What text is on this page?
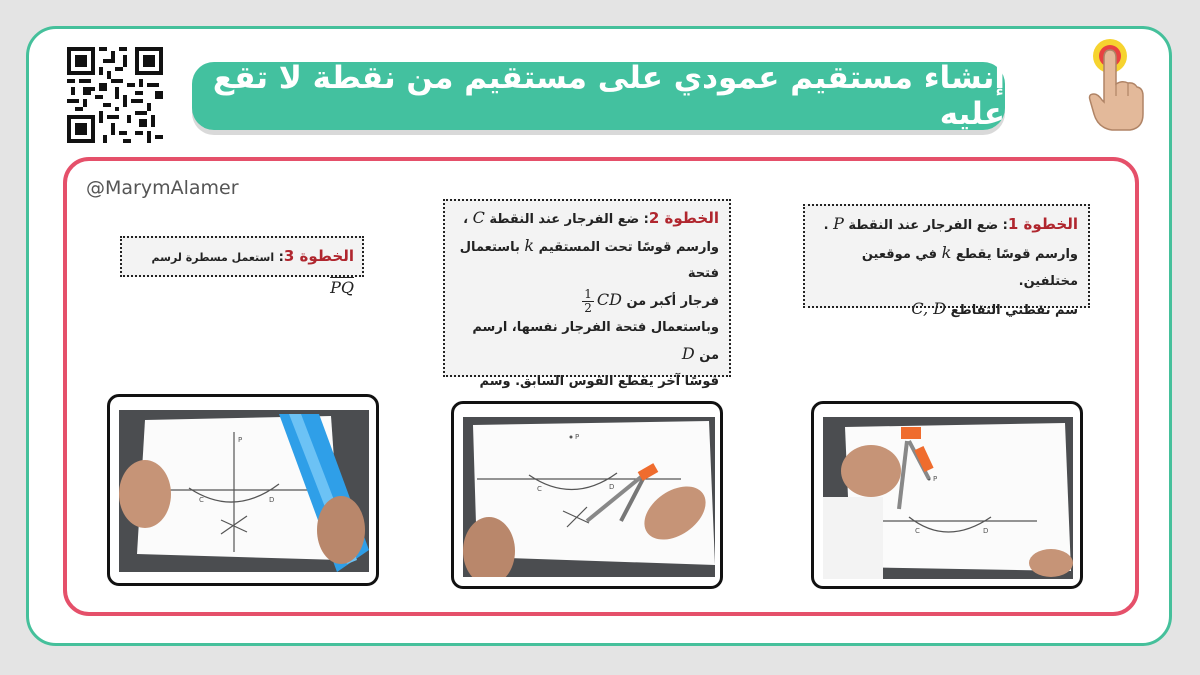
إنشاء مستقيم عمودي على مستقيم من نقطة لا تقع عليه
@MarymAlamer
الخطوة 1: ضع الفرجار عند النقطة P .
وارسم قوسًا يقطع k في موقعين مختلفين.
سم نقطتي التقاطع C, D
الخطوة 2: ضع الفرجار عند النقطة C ،
وارسم قوسًا تحت المستقيم k باستعمال فتحة
فرجار أكبر من
$\frac{1}{2}$ CD
وباستعمال فتحة الفرجار نفسها، ارسم من D
قوسًا آخر يقطع القوس السابق. وسم
الخطوة 3: استعمل مسطرة لرسم PQ
C	D
P	P
C	D
P
C	D
